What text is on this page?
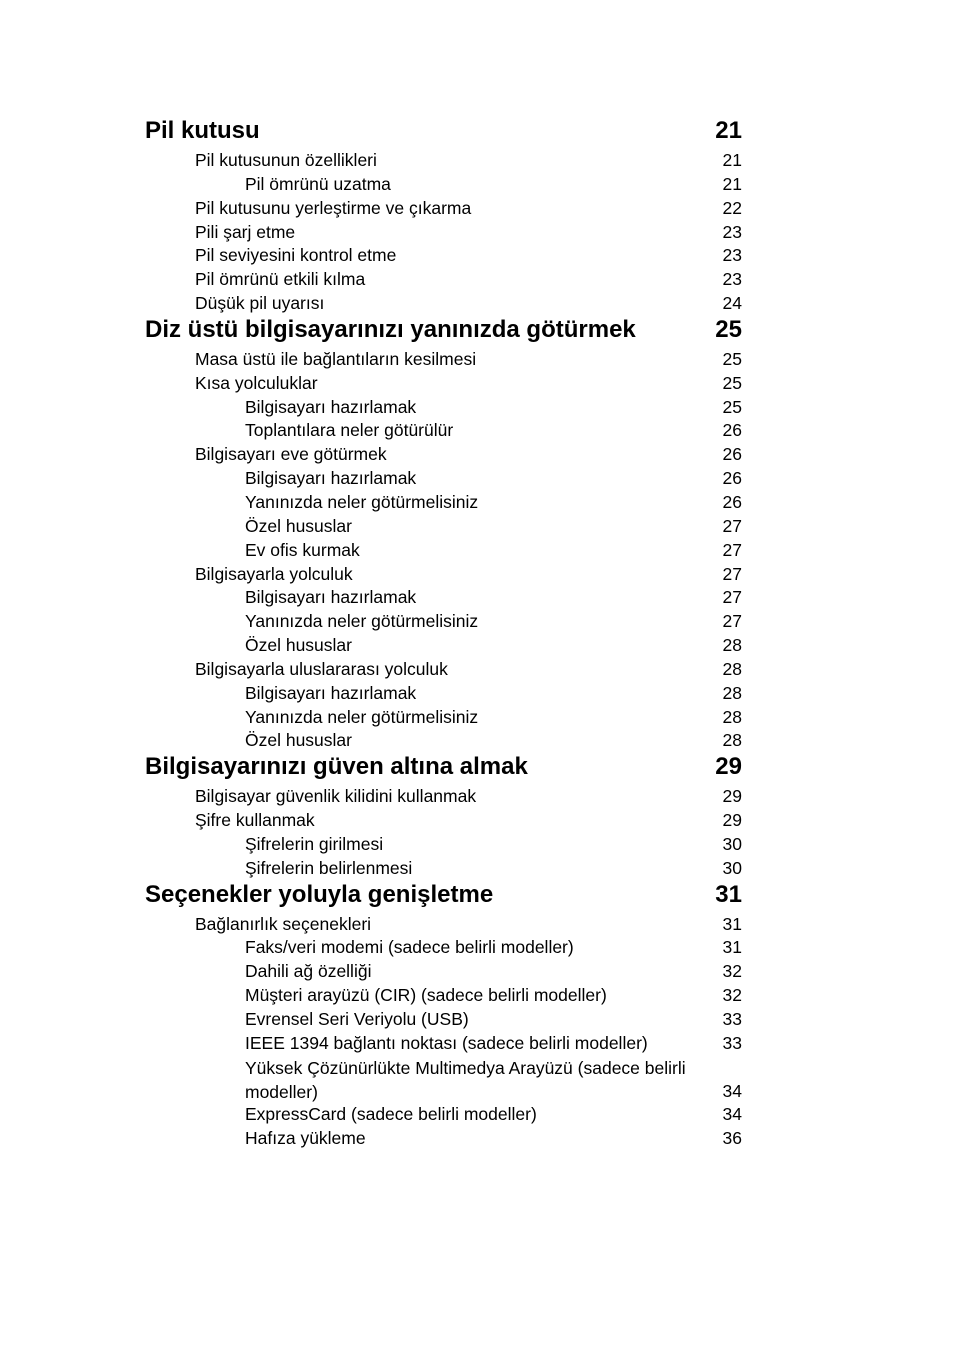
Pil kutusu	21
Pil kutusunun özellikleri	21
Pil ömrünü uzatma	21
Pil kutusunu yerleştirme ve çıkarma	22
Pili şarj etme	23
Pil seviyesini kontrol etme	23
Pil ömrünü etkili kılma	23
Düşük pil uyarısı	24
Diz üstü bilgisayarınızı yanınızda götürmek	25
Masa üstü ile bağlantıların kesilmesi	25
Kısa yolculuklar	25
Bilgisayarı hazırlamak	25
Toplantılara neler götürülür	26
Bilgisayarı eve götürmek	26
Bilgisayarı hazırlamak	26
Yanınızda neler götürmelisiniz	26
Özel hususlar	27
Ev ofis kurmak	27
Bilgisayarla yolculuk	27
Bilgisayarı hazırlamak	27
Yanınızda neler götürmelisiniz	27
Özel hususlar	28
Bilgisayarla uluslararası yolculuk	28
Bilgisayarı hazırlamak	28
Yanınızda neler götürmelisiniz	28
Özel hususlar	28
Bilgisayarınızı güven altına almak	29
Bilgisayar güvenlik kilidini kullanmak	29
Şifre kullanmak	29
Şifrelerin girilmesi	30
Şifrelerin belirlenmesi	30
Seçenekler yoluyla genişletme	31
Bağlanırlık seçenekleri	31
Faks/veri modemi (sadece belirli modeller)	31
Dahili ağ özelliği	32
Müşteri arayüzü (CIR) (sadece belirli modeller)	32
Evrensel Seri Veriyolu (USB)	33
IEEE 1394 bağlantı noktası (sadece belirli modeller)	33
Yüksek Çözünürlükte Multimedya Arayüzü (sadece belirli modeller)	34
ExpressCard (sadece belirli modeller)	34
Hafıza yükleme	36
